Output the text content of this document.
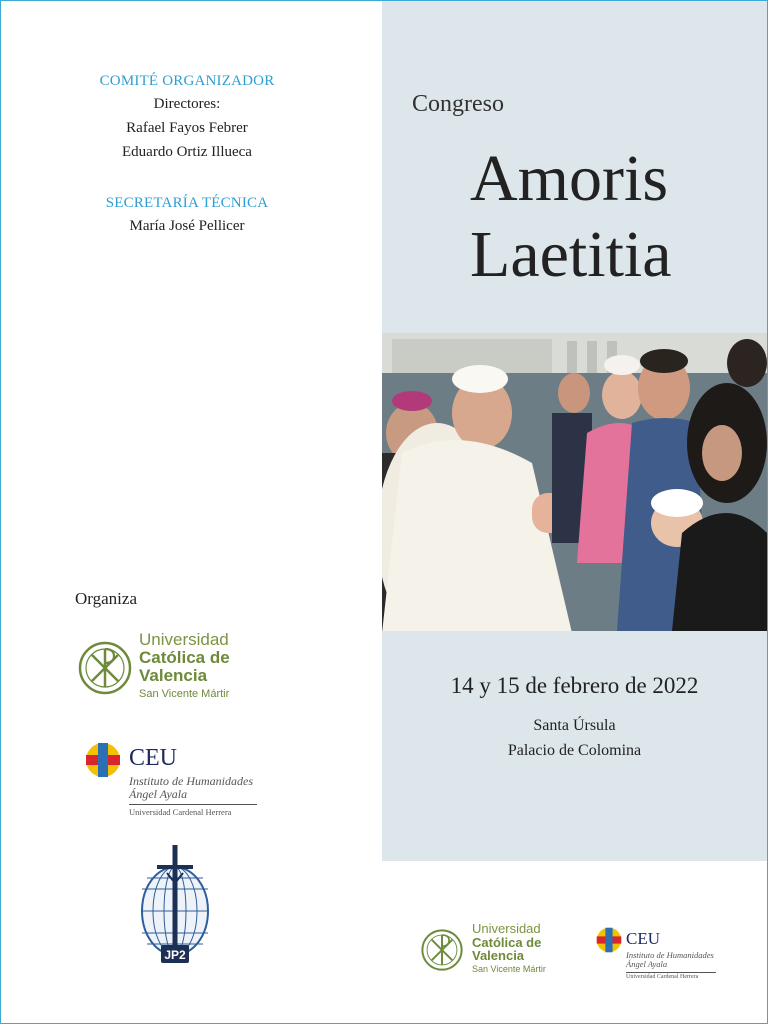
COMITÉ ORGANIZADOR
Directores:
Rafael Fayos Febrer
Eduardo Ortiz Illueca
SECRETARÍA TÉCNICA
María José Pellicer
Organiza
Universidad
Católica de
Valencia
San Vicente Mártir
CEU
Instituto de Humanidades
Ángel Ayala
Universidad Cardenal Herrera
JP2
Congreso
Amoris
Laetitia
14 y 15 de febrero de 2022
Santa Úrsula
Palacio de Colomina
Universidad
Católica de
Valencia
San Vicente Mártir
CEU
Instituto de Humanidades
Ángel Ayala
Universidad Cardenal Herrera
